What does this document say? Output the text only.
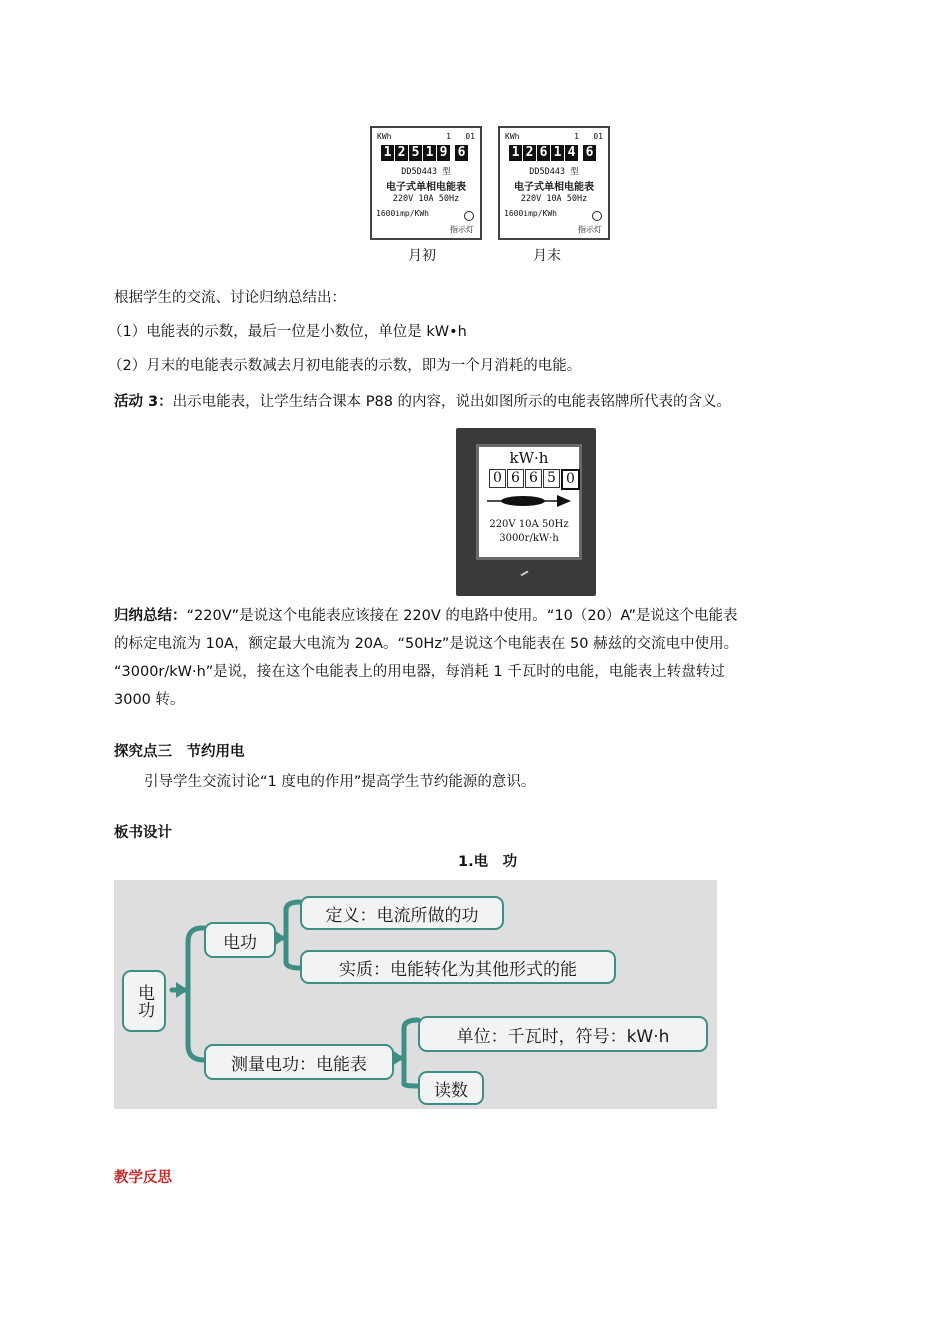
KWh	1 01
1 2 5 1 9 6
DD5D443 型
电子式单相电能表
220V 10A 50Hz
1600imp/KWh
指示灯
月初
KWh	1 01
1 2 6 1 4 6
DD5D443 型
电子式单相电能表
220V 10A 50Hz
1600imp/KWh
指示灯
月末
根据学生的交流、讨论归纳总结出：
（1）电能表的示数，最后一位是小数位，单位是 kW•h
（2）月末的电能表示数减去月初电能表的示数，即为一个月消耗的电能。
活动 3：出示电能表，让学生结合课本 P88 的内容，说出如图所示的电能表铭牌所代表的含义。
kW·h
0 6 6 5 0
220V 10A 50Hz
3000r/kW·h
归纳总结：“220V”是说这个电能表应该接在 220V 的电路中使用。“10（20）A”是说这个电能表
的标定电流为 10A，额定最大电流为 20A。“50Hz”是说这个电能表在 50 赫兹的交流电中使用。
“3000r/kW·h”是说，接在这个电能表上的用电器，每消耗 1 千瓦时的电能，电能表上转盘转过
3000 转。
探究点三　节约用电
引导学生交流讨论“1 度电的作用”提高学生节约能源的意识。
板书设计
1.电　功
电功
电功
定义：电流所做的功
实质：电能转化为其他形式的能
测量电功：电能表
单位：千瓦时，符号：kW·h
读数
教学反思
